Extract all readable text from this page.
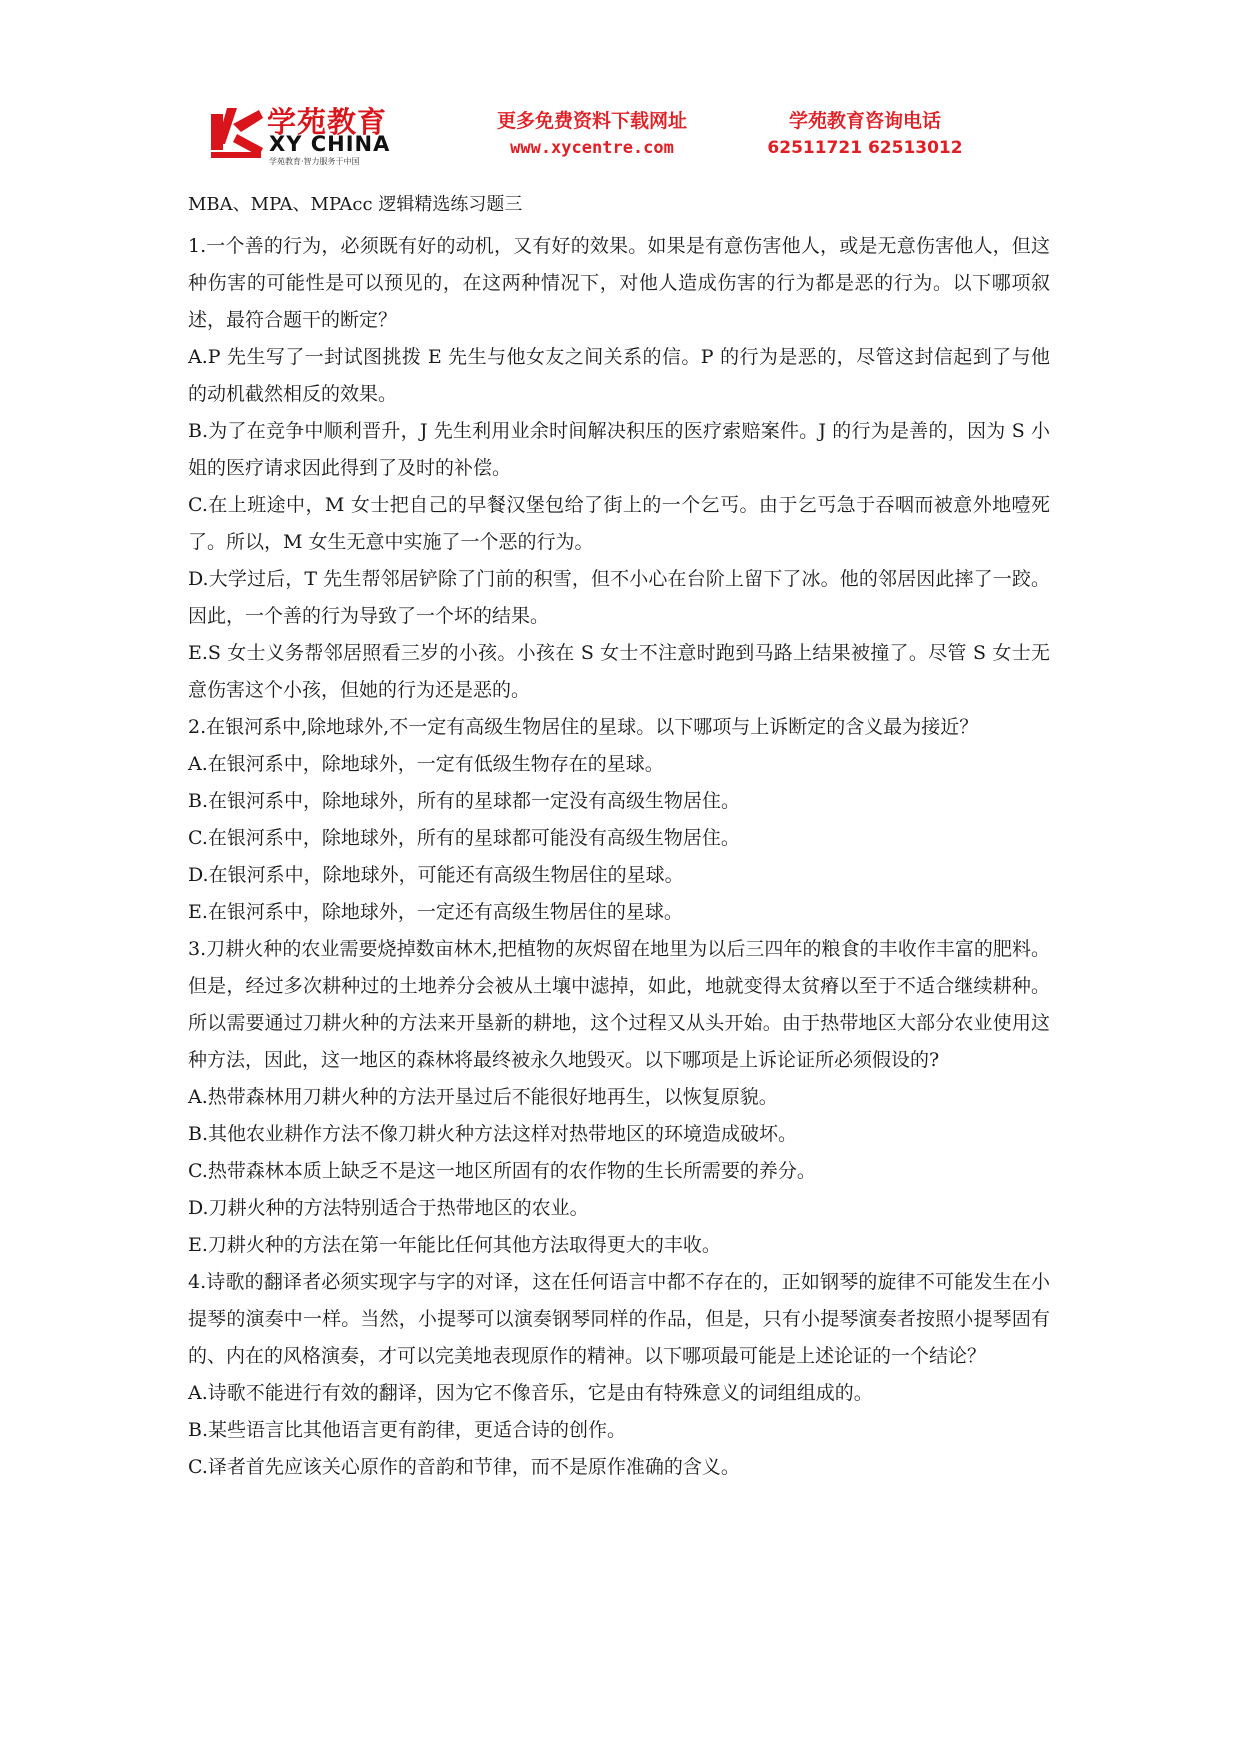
学苑教育
XY CHINA
学苑教育·智力服务于中国
更多免费资料下载网址
www.xycentre.com
学苑教育咨询电话
62511721 62513012
MBA、MPA、MPAcc 逻辑精选练习题三

1.一个善的行为，必须既有好的动机，又有好的效果。如果是有意伤害他人，或是无意伤害他人，但这种伤害的可能性是可以预见的，在这两种情况下，对他人造成伤害的行为都是恶的行为。以下哪项叙述，最符合题干的断定？

A.P 先生写了一封试图挑拨 E 先生与他女友之间关系的信。P 的行为是恶的，尽管这封信起到了与他的动机截然相反的效果。

B.为了在竞争中顺利晋升，J 先生利用业余时间解决积压的医疗索赔案件。J 的行为是善的，因为 S 小姐的医疗请求因此得到了及时的补偿。

C.在上班途中，M 女士把自己的早餐汉堡包给了街上的一个乞丐。由于乞丐急于吞咽而被意外地噎死了。所以，M 女生无意中实施了一个恶的行为。

D.大学过后，T 先生帮邻居铲除了门前的积雪，但不小心在台阶上留下了冰。他的邻居因此摔了一跤。因此，一个善的行为导致了一个坏的结果。

E.S 女士义务帮邻居照看三岁的小孩。小孩在 S 女士不注意时跑到马路上结果被撞了。尽管 S 女士无意伤害这个小孩，但她的行为还是恶的。

2.在银河系中,除地球外,不一定有高级生物居住的星球。以下哪项与上诉断定的含义最为接近？

A.在银河系中，除地球外，一定有低级生物存在的星球。

B.在银河系中，除地球外，所有的星球都一定没有高级生物居住。

C.在银河系中，除地球外，所有的星球都可能没有高级生物居住。

D.在银河系中，除地球外，可能还有高级生物居住的星球。

E.在银河系中，除地球外，一定还有高级生物居住的星球。

3.刀耕火种的农业需要烧掉数亩林木,把植物的灰烬留在地里为以后三四年的粮食的丰收作丰富的肥料。但是，经过多次耕种过的土地养分会被从土壤中滤掉，如此，地就变得太贫瘠以至于不适合继续耕种。所以需要通过刀耕火种的方法来开垦新的耕地，这个过程又从头开始。由于热带地区大部分农业使用这种方法，因此，这一地区的森林将最终被永久地毁灭。以下哪项是上诉论证所必须假设的?

A.热带森林用刀耕火种的方法开垦过后不能很好地再生，以恢复原貌。

B.其他农业耕作方法不像刀耕火种方法这样对热带地区的环境造成破坏。

C.热带森林本质上缺乏不是这一地区所固有的农作物的生长所需要的养分。

D.刀耕火种的方法特别适合于热带地区的农业。

E.刀耕火种的方法在第一年能比任何其他方法取得更大的丰收。

4.诗歌的翻译者必须实现字与字的对译，这在任何语言中都不存在的，正如钢琴的旋律不可能发生在小提琴的演奏中一样。当然，小提琴可以演奏钢琴同样的作品，但是，只有小提琴演奏者按照小提琴固有的、内在的风格演奏，才可以完美地表现原作的精神。以下哪项最可能是上述论证的一个结论？

A.诗歌不能进行有效的翻译，因为它不像音乐，它是由有特殊意义的词组组成的。

B.某些语言比其他语言更有韵律，更适合诗的创作。

C.译者首先应该关心原作的音韵和节律，而不是原作准确的含义。
